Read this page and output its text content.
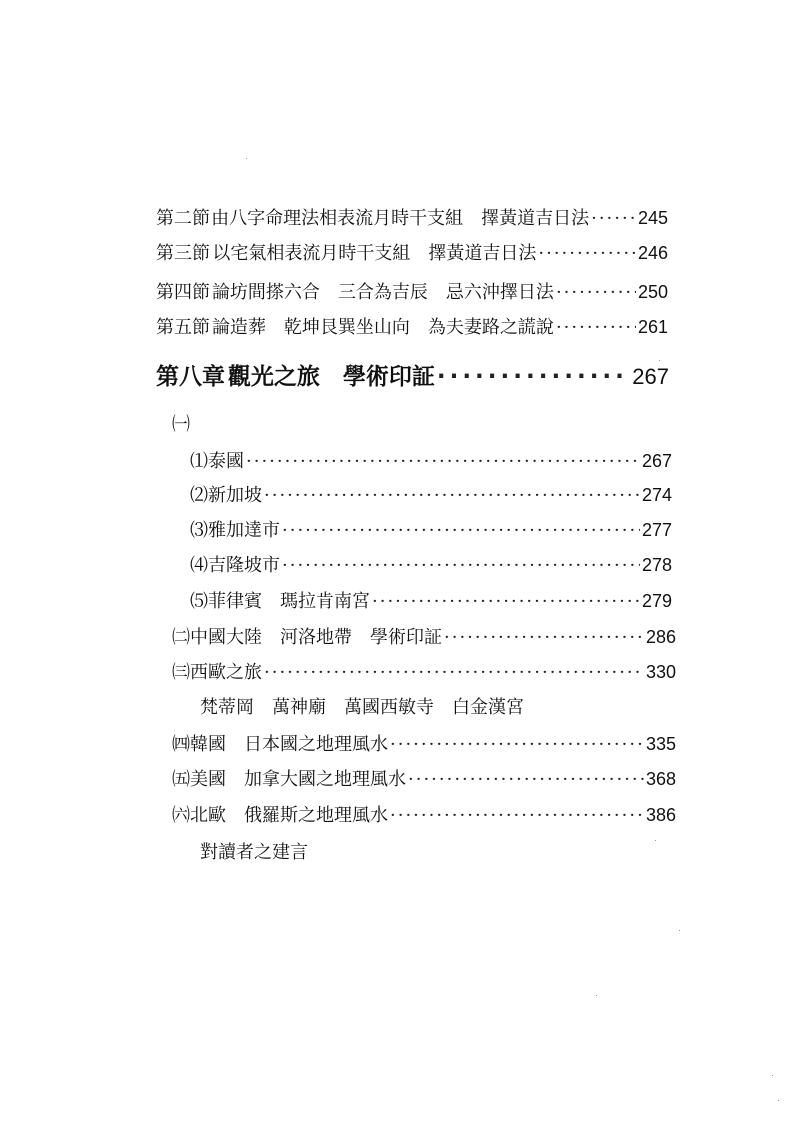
第二節 由八字命理法相表流月時干支組　擇黃道吉日法 ·····	245
第三節 以宅氣相表流月時干支組　擇黃道吉日法 ·····	246
第四節 論坊間搽六合　三合為吉辰　忌六沖擇日法 ·····	250
第五節 論造葬　乾坤艮巽坐山向　為夫妻路之謊說 ·····	261
第八章 觀光之旅　學術印証 ·····	267
㈠
⑴泰國 ·····	267
⑵新加坡 ·····	274
⑶雅加達市 ·····	277
⑷吉隆坡市 ·····	278
⑸菲律賓　瑪拉肯南宮 ·····	279
㈡中國大陸　河洛地帶　學術印証 ·····	286
㈢西歐之旅 ·····	330
梵蒂岡　萬神廟　萬國西敏寺　白金漢宮
㈣韓國　日本國之地理風水 ·····	335
㈤美國　加拿大國之地理風水 ·····	368
㈥北歐　俄羅斯之地理風水 ·····	386
對讀者之建言
